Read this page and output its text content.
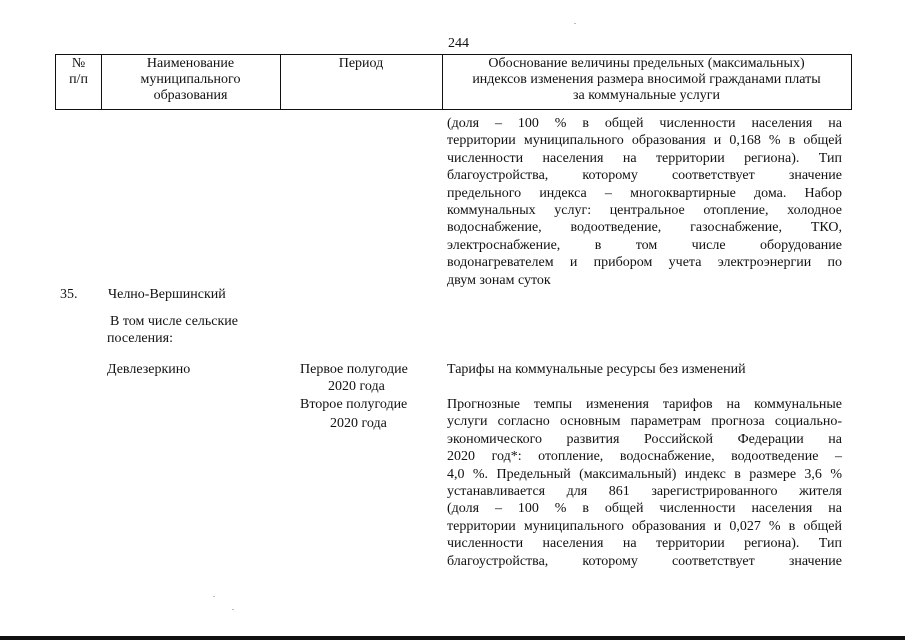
244
№
п/п
Наименование
муниципального
образования
Период	Обоснование величины предельных (максимальных)
индексов изменения размера вносимой гражданами платы
за коммунальные услуги
(доля – 100 % в общей численности населения на
территории муниципального образования и 0,168 % в общей
численности населения на территории региона). Тип
благоустройства, которому соответствует значение
предельного индекса – многоквартирные дома. Набор
коммунальных услуг: центральное отопление, холодное
водоснабжение, водоотведение, газоснабжение, ТКО,
электроснабжение, в том числе оборудование
водонагревателем и прибором учета электроэнергии по
двум зонам суток
35. Челно-Вершинский
В том числе сельские
поселения:
Девлезеркино	Первое полугодие
2020 года
Второе полугодие
2020 года
Тарифы на коммунальные ресурсы без изменений
Прогнозные темпы изменения тарифов на коммунальные
услуги согласно основным параметрам прогноза социально-
экономического развития Российской Федерации на
2020 год*: отопление, водоснабжение, водоотведение –
4,0 %. Предельный (максимальный) индекс в размере 3,6 %
устанавливается для 861 зарегистрированного жителя
(доля – 100 % в общей численности населения на
территории муниципального образования и 0,027 % в общей
численности населения на территории региона). Тип
благоустройства, которому соответствует значение
